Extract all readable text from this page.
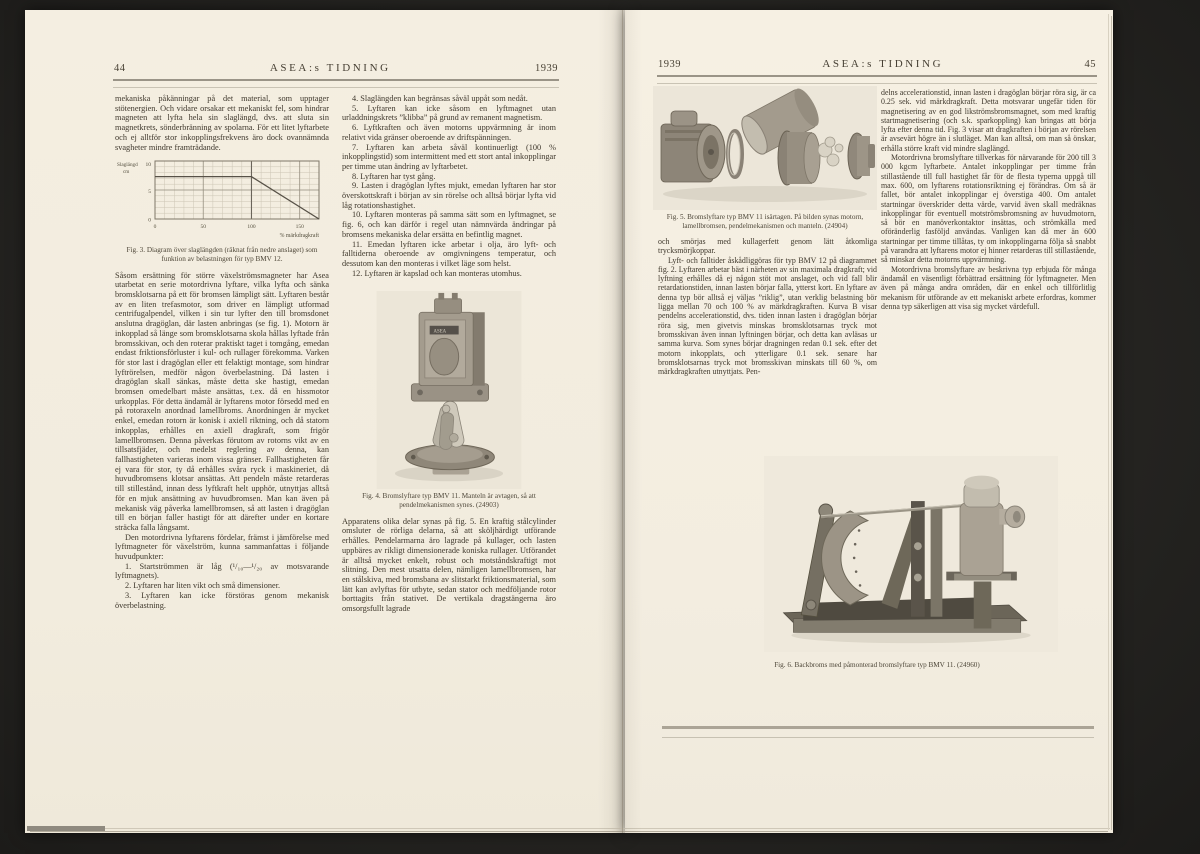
44	ASEA:s TIDNING	1939

mekaniska påkänningar på det material, som upptager stötenergien. Och vidare orsakar ett mekaniskt fel, som hindrar magneten att lyfta hela sin slaglängd, dvs. att sluta sin magnetkrets, sönderbränning av spolarna. För ett litet lyftarbete och ej alltför stor inkopplingsfrekvens äro dock ovannämnda svagheter mindre framträdande.

Slaglängd
cm
10
5
0
0	50	100	150
% märkdragkraft
Fig. 3. Diagram över slaglängden (räknat från nedre anslaget) som funktion av belastningen för typ BMV 12.

Såsom ersättning för större växelströmsmagneter har Asea utarbetat en serie motordrivna lyftare, vilka lyfta och sänka bromsklotsarna på ett för bromsen lämpligt sätt. Lyftaren består av en liten trefasmotor, som driver en lämpligt utformad centrifugalpendel, vilken i sin tur lyfter den till bromsdonet anslutna dragöglan, där lasten anbringas (se fig. 1). Motorn är inkopplad så länge som bromsklotsarna skola hållas lyftade från bromsskivan, och den roterar praktiskt taget i tomgång, emedan endast friktionsförluster i kul- och rullager förekomma. Varken för stor last i dragöglan eller ett felaktigt montage, som hindrar lyftrörelsen, medför någon överbelastning. Då lasten i dragöglan skall sänkas, måste detta ske hastigt, emedan bromsen omedelbart måste ansättas, t.ex. då en hissmotor urkopplas. För detta ändamål är lyftarens motor försedd med en på rotoraxeln anordnad lamellbroms. Anordningen är mycket enkel, emedan rotorn är konisk i axiell riktning, och då statorn inkopplas, erhålles en axiell dragkraft, som frigör lamellbromsen. Denna påverkas förutom av rotorns vikt av en tillsatsfjäder, och medelst reglering av denna, kan fallhastigheten varieras inom vissa gränser. Fallhastigheten får ej vara för stor, ty då erhålles svåra ryck i maskineriet, då huvudbromsens klotsar ansättas. Att pendeln måste retarderas till stillestånd, innan dess lyftkraft helt upphör, utnyttjas alltså för en mjuk ansättning av huvudbromsen. Man kan även på mekanisk väg påverka lamellbromsen, så att lasten i dragöglan till en början faller hastigt för att därefter under en kortare sträcka falla långsamt.

Den motordrivna lyftarens fördelar, främst i jämförelse med lyftmagneter för växelström, kunna sammanfattas i följande huvudpunkter:

1. Startströmmen är låg (¹/₁₀—¹/₂₀ av motsvarande lyftmagnets).

2. Lyftaren har liten vikt och små dimensioner.

3. Lyftaren kan icke förstöras genom mekanisk överbelastning.

4. Slaglängden kan begränsas såväl uppåt som nedåt.

5. Lyftaren kan icke såsom en lyftmagnet utan urladdningskrets ”klibba” på grund av remanent magnetism.

6. Lyftkraften och även motorns uppvärmning är inom relativt vida gränser oberoende av driftspänningen.

7. Lyftaren kan arbeta såväl kontinuerligt (100 % inkopplingstid) som intermittent med ett stort antal inkopplingar per timme utan ändring av lyftarbetet.

8. Lyftaren har tyst gång.

9. Lasten i dragöglan lyftes mjukt, emedan lyftaren har stor överskottskraft i början av sin rörelse och alltså börjar lyfta vid låg rotationshastighet.

10. Lyftaren monteras på samma sätt som en lyftmagnet, se fig. 6, och kan därför i regel utan nämnvärda ändringar på bromsens mekaniska delar ersätta en befintlig magnet.

11. Emedan lyftaren icke arbetar i olja, äro lyft- och falltiderna oberoende av omgivningens temperatur, och dessutom kan den monteras i vilket läge som helst.

12. Lyftaren är kapslad och kan monteras utomhus.

ASEA
Fig. 4. Bromslyftare typ BMV 11. Manteln är avtagen, så att pendelmekanismen synes. (24903)

Apparatens olika delar synas på fig. 5. En kraftig stålcylinder omsluter de rörliga delarna, så att sköljhärdigt utförande erhålles. Pendelarmarna äro lagrade på kullager, och lasten uppbäres av rikligt dimensionerade koniska rullager. Utförandet är alltså mycket enkelt, robust och motståndskraftigt mot slitning. Den mest utsatta delen, nämligen lamellbromsen, har en stålskiva, med bromsbana av slitstarkt friktionsmaterial, som lätt kan avlyftas för utbyte, sedan stator och medföljande rotor borttagits från stativet. De vertikala dragstängerna äro omsorgsfullt lagrade

1939	ASEA:s TIDNING	45
Fig. 5. Bromslyftare typ BMV 11 isärtagen. På bilden synas motorn, lamellbromsen, pendelmekanismen och manteln. (24904)

och smörjas med kullagerfett genom lätt åtkomliga trycksmörjkoppar.

Lyft- och falltider åskådliggöras för typ BMV 12 på diagrammet fig. 2. Lyftaren arbetar bäst i närheten av sin maximala dragkraft; vid lyftning erhålles då ej någon stöt mot anslaget, och vid fall blir retardationstiden, innan lasten börjar falla, ytterst kort. En lyftare av denna typ bör alltså ej väljas ”riklig”, utan verklig belastning bör ligga mellan 70 och 100 % av märkdragkraften. Kurva B visar pendelns accelerationstid, dvs. tiden innan lasten i dragöglan börjar röra sig, men givetvis minskas bromsklotsarnas tryck mot bromsskivan även innan lyftningen börjar, och detta kan avläsas ur samma kurva. Som synes börjar dragningen redan 0.1 sek. efter det motorn inkopplats, och ytterligare 0.1 sek. senare har bromsklotsarnas tryck mot bromsskivan minskats till 60 %, om märkdragkraften utnyttjats. Pen-

delns accelerationstid, innan lasten i dragöglan börjar röra sig, är ca 0.25 sek. vid märkdragkraft. Detta motsvarar ungefär tiden för magnetisering av en god likströmsbromsmagnet, som med kraftig startmagnetisering (och s.k. sparkoppling) kan bringas att börja lyfta efter denna tid. Fig. 3 visar att dragkraften i början av rörelsen är avsevärt högre än i slutläget. Man kan alltså, om man så önskar, erhålla större kraft vid mindre slaglängd.

Motordrivna bromslyftare tillverkas för närvarande för 200 till 3 000 kgcm lyftarbete. Antalet inkopplingar per timme från stillastående till full hastighet får för de flesta typerna uppgå till max. 600, om lyftarens rotationsriktning ej förändras. Om så är fallet, bör antalet inkopplingar ej överstiga 400. Om antalet startningar överskrider detta värde, varvid även skall medräknas inkopplingar för eventuell motströmsbromsning av huvudmotorn, så bör en manöverkontaktor insättas, och strömkälla med oföränderlig fasföljd användas. Vanligen kan då mer än 600 startningar per timme tillåtas, ty om inkopplingarna följa så snabbt på varandra att lyftarens motor ej hinner retarderas till stillastående, så minskar detta motorns uppvärmning.

Motordrivna bromslyftare av beskrivna typ erbjuda för många ändamål en väsentligt förbättrad ersättning för lyftmagneter. Men även på många andra områden, där en enkel och tillförlitlig mekanism för utförande av ett mekaniskt arbete erfordras, kommer denna typ säkerligen att visa sig mycket värdefull.

Fig. 6. Backbroms med påmonterad bromslyftare typ BMV 11. (24960)
